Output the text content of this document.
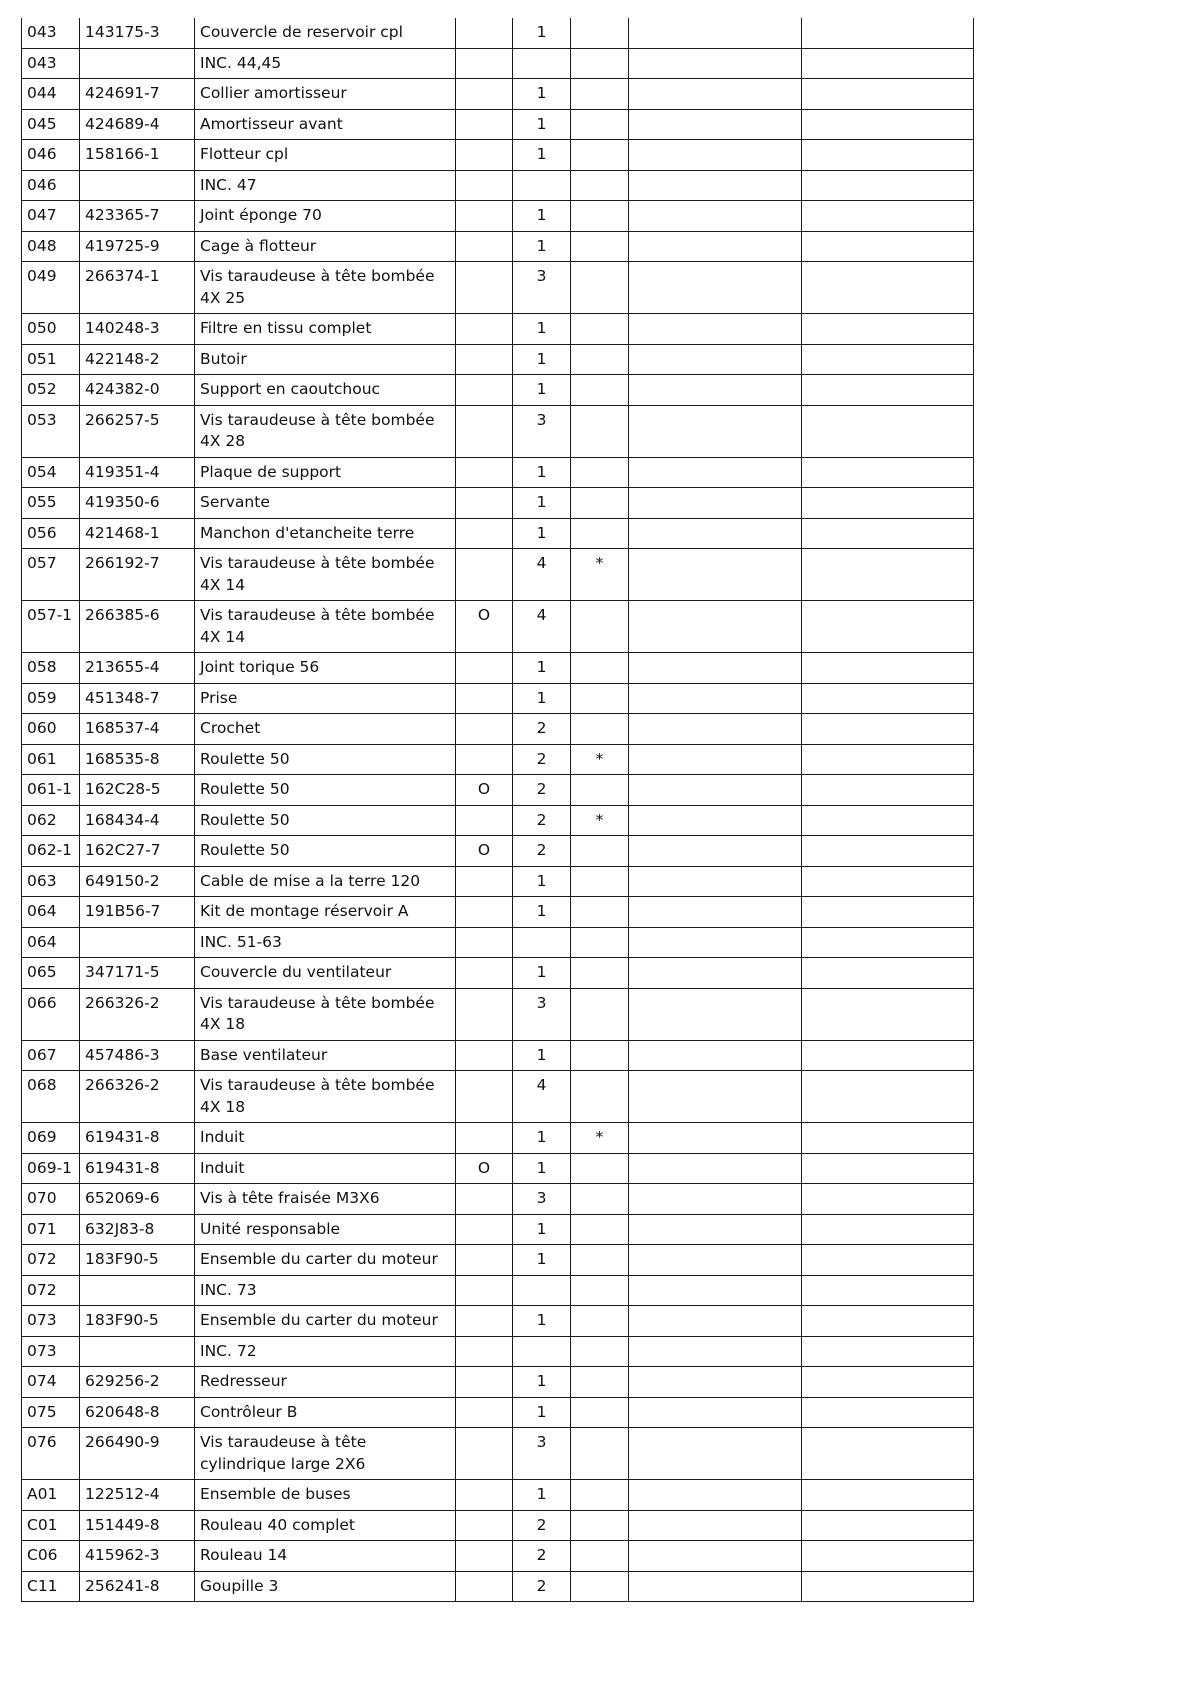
043	143175-3	Couvercle de reservoir cpl		1			
043		INC. 44,45					
044	424691-7	Collier amortisseur		1			
045	424689-4	Amortisseur avant		1			
046	158166-1	Flotteur cpl		1			
046		INC. 47					
047	423365-7	Joint éponge 70		1			
048	419725-9	Cage à flotteur		1			
049	266374-1	Vis taraudeuse à tête bombée 4X 25		3			
050	140248-3	Filtre en tissu complet		1			
051	422148-2	Butoir		1			
052	424382-0	Support en caoutchouc		1			
053	266257-5	Vis taraudeuse à tête bombée 4X 28		3			
054	419351-4	Plaque de support		1			
055	419350-6	Servante		1			
056	421468-1	Manchon d'etancheite terre		1			
057	266192-7	Vis taraudeuse à tête bombée 4X 14		4	*		
057-1	266385-6	Vis taraudeuse à tête bombée 4X 14	O	4			
058	213655-4	Joint torique 56		1			
059	451348-7	Prise		1			
060	168537-4	Crochet		2			
061	168535-8	Roulette 50		2	*		
061-1	162C28-5	Roulette 50	O	2			
062	168434-4	Roulette 50		2	*		
062-1	162C27-7	Roulette 50	O	2			
063	649150-2	Cable de mise a la terre 120		1			
064	191B56-7	Kit de montage réservoir A		1			
064		INC. 51-63					
065	347171-5	Couvercle du ventilateur		1			
066	266326-2	Vis taraudeuse à tête bombée 4X 18		3			
067	457486-3	Base ventilateur		1			
068	266326-2	Vis taraudeuse à tête bombée 4X 18		4			
069	619431-8	Induit		1	*		
069-1	619431-8	Induit	O	1			
070	652069-6	Vis à tête fraisée M3X6		3			
071	632J83-8	Unité responsable		1			
072	183F90-5	Ensemble du carter du moteur		1			
072		INC. 73					
073	183F90-5	Ensemble du carter du moteur		1			
073		INC. 72					
074	629256-2	Redresseur		1			
075	620648-8	Contrôleur B		1			
076	266490-9	Vis taraudeuse à tête cylindrique large 2X6		3			
A01	122512-4	Ensemble de buses		1			
C01	151449-8	Rouleau 40 complet		2			
C06	415962-3	Rouleau 14		2			
C11	256241-8	Goupille 3		2			
